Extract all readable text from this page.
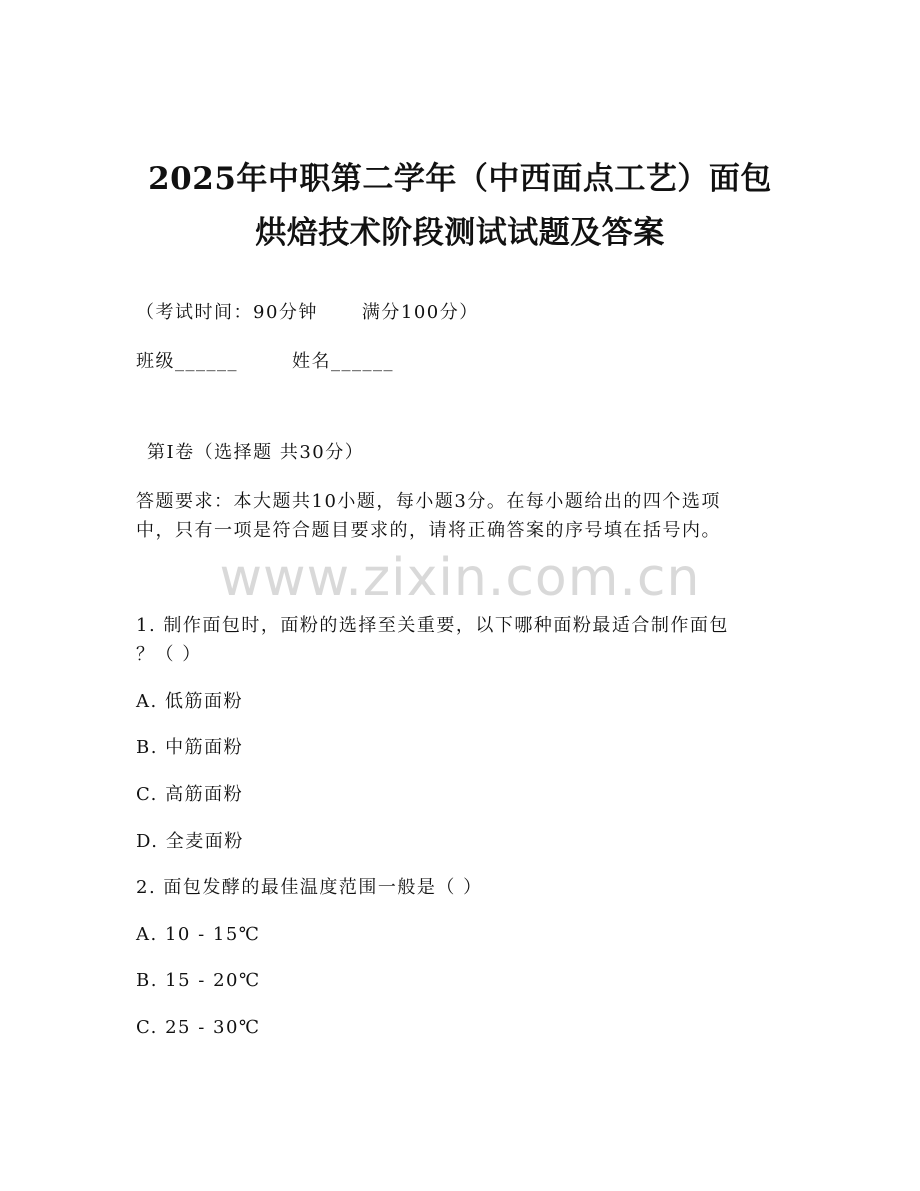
2025年中职第二学年（中西面点工艺）面包
烘焙技术阶段测试试题及答案
（考试时间：90分钟 满分100分）
班级______	姓名______
第Ⅰ卷（选择题 共30分）
答题要求：本大题共10小题，每小题3分。在每小题给出的四个选项
中，只有一项是符合题目要求的，请将正确答案的序号填在括号内。
www.zixin.com.cn
1. 制作面包时，面粉的选择至关重要，以下哪种面粉最适合制作面包
？（ ）
A. 低筋面粉
B. 中筋面粉
C. 高筋面粉
D. 全麦面粉
2. 面包发酵的最佳温度范围一般是（ ）
A. 10 - 15℃
B. 15 - 20℃
C. 25 - 30℃
